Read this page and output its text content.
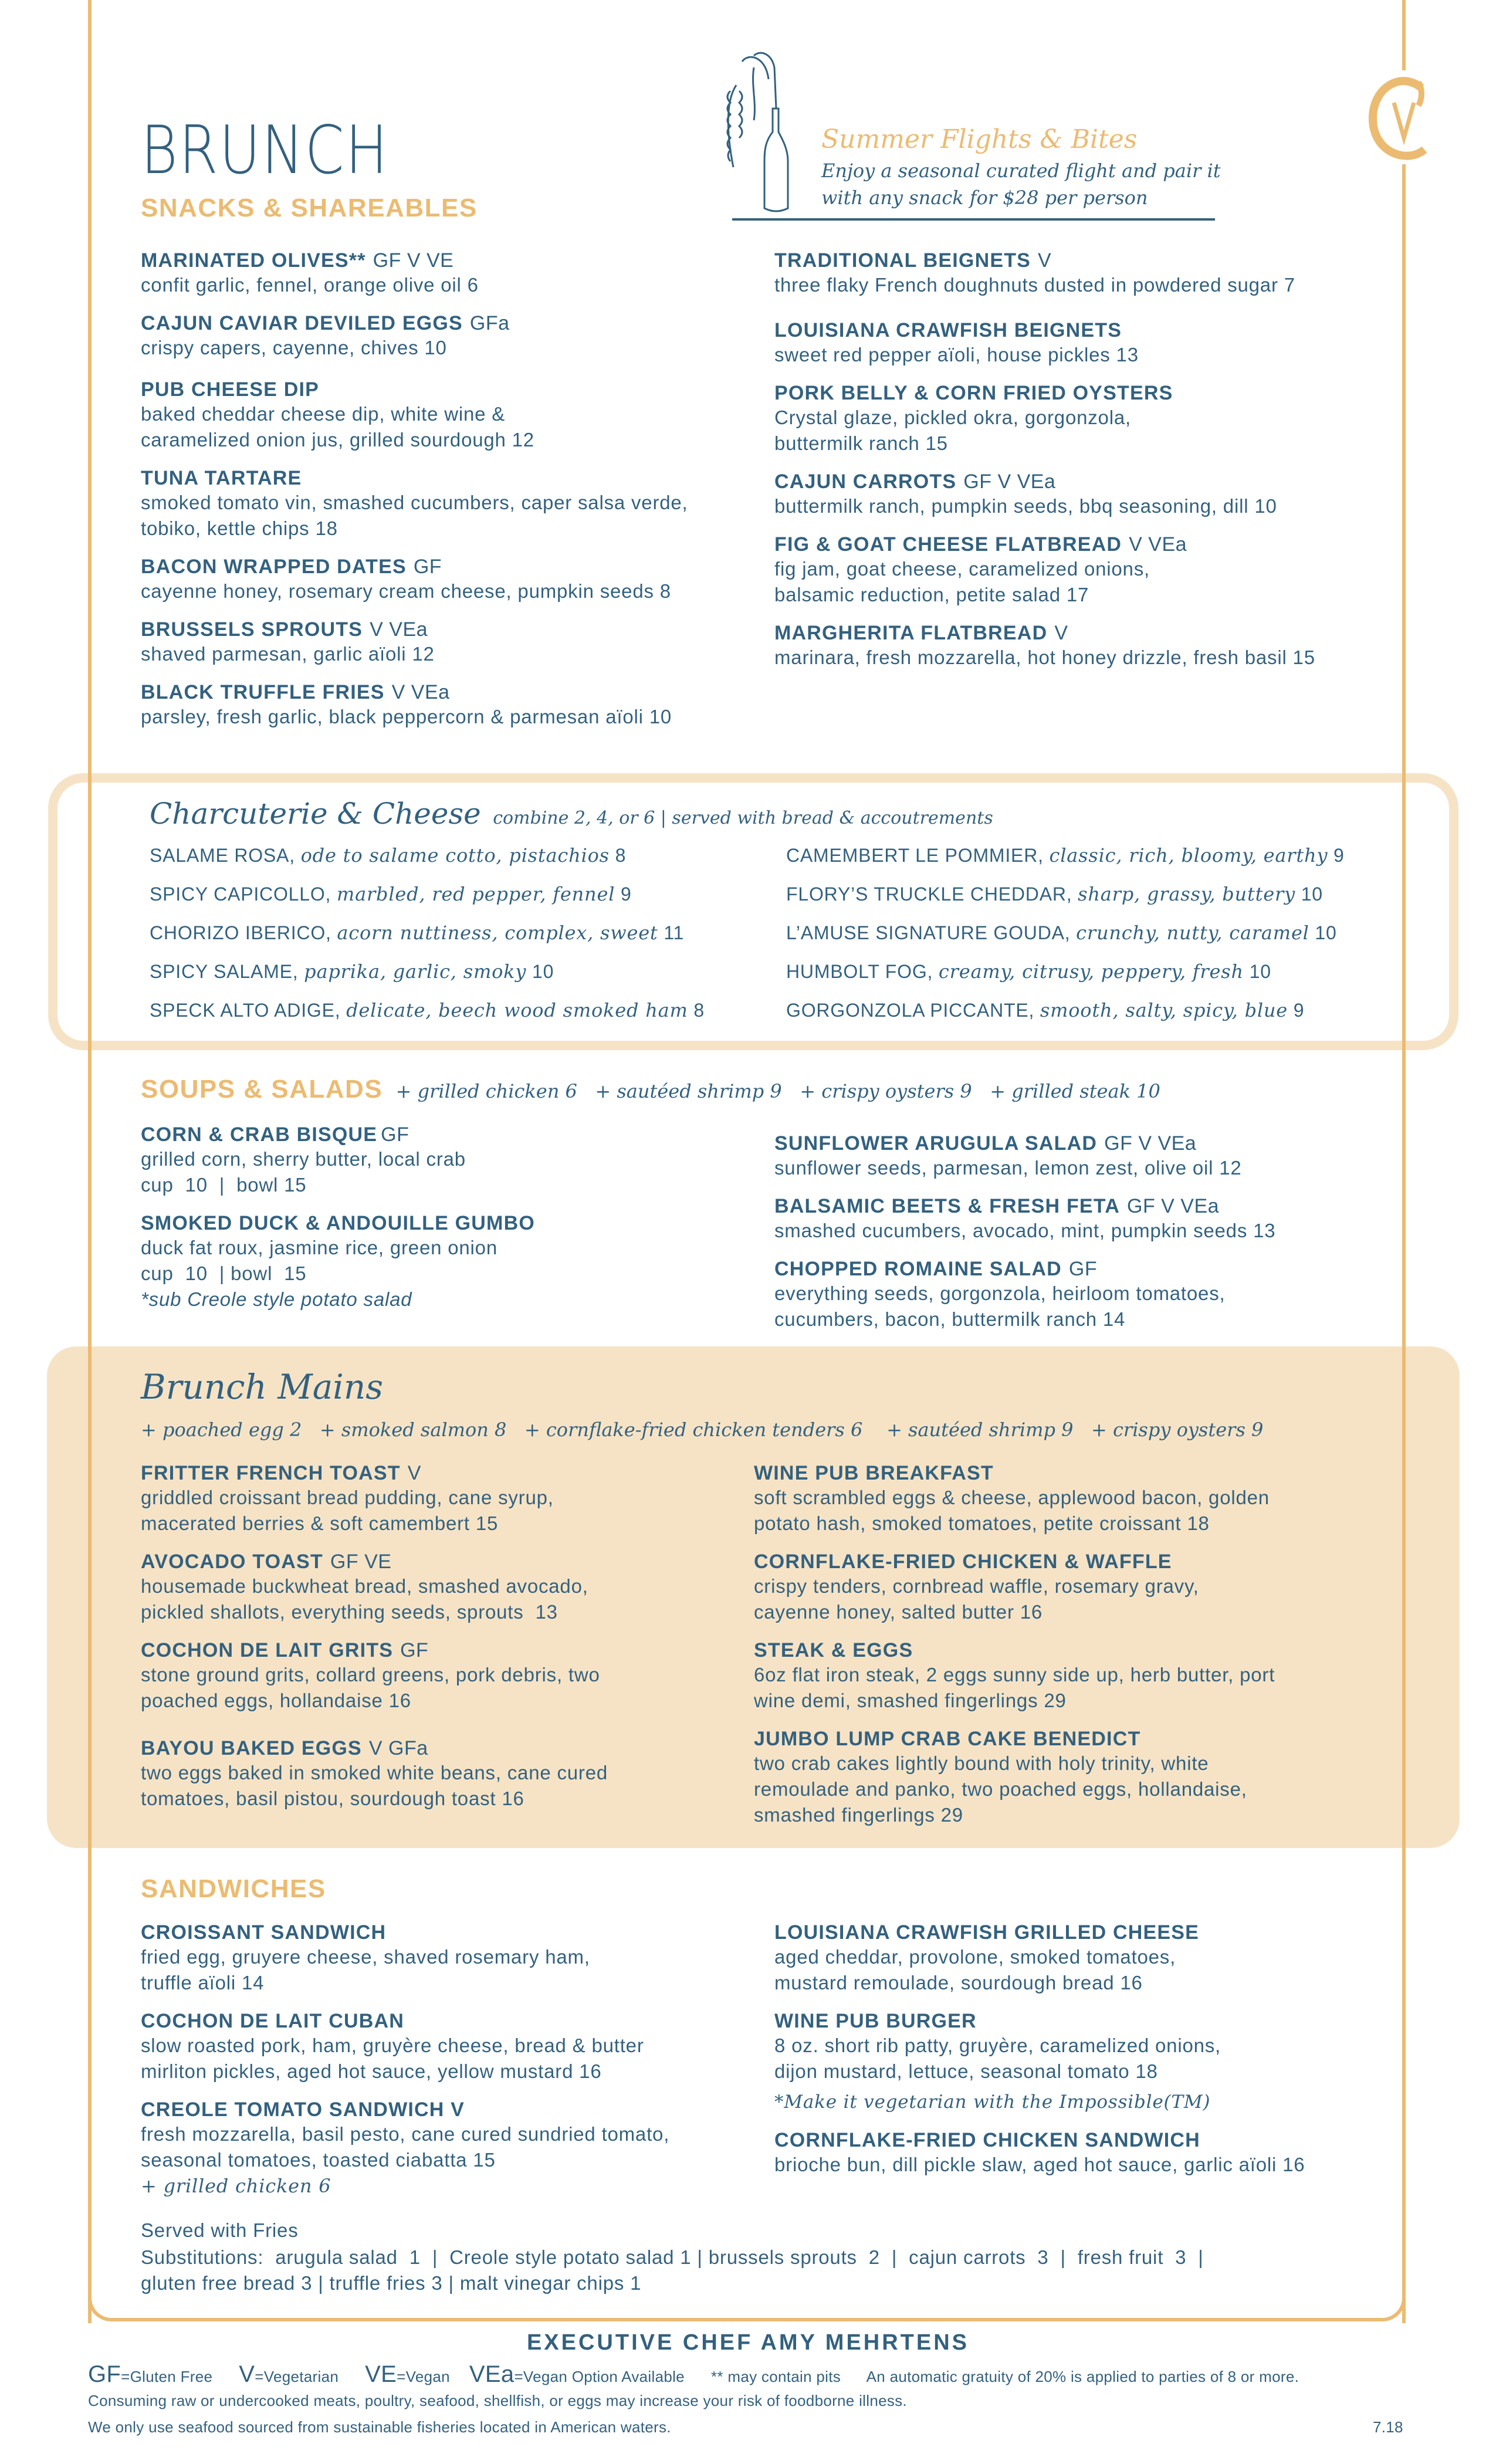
BRUNCH	Summer Flights & Bites
Enjoy a seasonal curated flight and pair it
with any snack for $28 per person
SNACKS & SHAREABLES
MARINATED OLIVES** GF V VE
confit garlic, fennel, orange olive oil 6
CAJUN CAVIAR DEVILED EGGS GFa
crispy capers, cayenne, chives 10
PUB CHEESE DIP
baked cheddar cheese dip, white wine &
caramelized onion jus, grilled sourdough 12
TUNA TARTARE
smoked tomato vin, smashed cucumbers, caper salsa verde,
tobiko, kettle chips 18
BACON WRAPPED DATES GF
cayenne honey, rosemary cream cheese, pumpkin seeds 8
BRUSSELS SPROUTS V VEa
shaved parmesan, garlic aïoli 12
BLACK TRUFFLE FRIES V VEa
parsley, fresh garlic, black peppercorn & parmesan aïoli 10
TRADITIONAL BEIGNETS V
three flaky French doughnuts dusted in powdered sugar 7
LOUISIANA CRAWFISH BEIGNETS
sweet red pepper aïoli, house pickles 13
PORK BELLY & CORN FRIED OYSTERS
Crystal glaze, pickled okra, gorgonzola,
buttermilk ranch 15
CAJUN CARROTS GF V VEa
buttermilk ranch, pumpkin seeds, bbq seasoning, dill 10
FIG & GOAT CHEESE FLATBREAD V VEa
fig jam, goat cheese, caramelized onions,
balsamic reduction, petite salad 17
MARGHERITA FLATBREAD V
marinara, fresh mozzarella, hot honey drizzle, fresh basil 15
Charcuterie & Cheese combine 2, 4, or 6 | served with bread & accoutrements
SALAME ROSA, ode to salame cotto, pistachios 8
SPICY CAPICOLLO, marbled, red pepper, fennel 9
CHORIZO IBERICO, acorn nuttiness, complex, sweet 11
SPICY SALAME, paprika, garlic, smoky 10
SPECK ALTO ADIGE, delicate, beech wood smoked ham 8
CAMEMBERT LE POMMIER, classic, rich, bloomy, earthy 9
FLORY’S TRUCKLE CHEDDAR, sharp, grassy, buttery 10
L’AMUSE SIGNATURE GOUDA, crunchy, nutty, caramel 10
HUMBOLT FOG, creamy, citrusy, peppery, fresh 10
GORGONZOLA PICCANTE, smooth, salty, spicy, blue 9
SOUPS & SALADS + grilled chicken 6   + sautéed shrimp 9   + crispy oysters 9   + grilled steak 10
CORN & CRAB BISQUE GF
grilled corn, sherry butter, local crab
cup  10  |  bowl 15
SMOKED DUCK & ANDOUILLE GUMBO
duck fat roux, jasmine rice, green onion
cup  10  | bowl  15
*sub Creole style potato salad
SUNFLOWER ARUGULA SALAD GF V VEa
sunflower seeds, parmesan, lemon zest, olive oil 12
BALSAMIC BEETS & FRESH FETA GF V VEa
smashed cucumbers, avocado, mint, pumpkin seeds 13
CHOPPED ROMAINE SALAD GF
everything seeds, gorgonzola, heirloom tomatoes,
cucumbers, bacon, buttermilk ranch 14
Brunch Mains
+ poached egg 2   + smoked salmon 8   + cornflake-fried chicken tenders 6    + sautéed shrimp 9   + crispy oysters 9
FRITTER FRENCH TOAST V
griddled croissant bread pudding, cane syrup,
macerated berries & soft camembert 15
AVOCADO TOAST GF VE
housemade buckwheat bread, smashed avocado,
pickled shallots, everything seeds, sprouts  13
COCHON DE LAIT GRITS GF
stone ground grits, collard greens, pork debris, two
poached eggs, hollandaise 16
BAYOU BAKED EGGS V GFa
two eggs baked in smoked white beans, cane cured
tomatoes, basil pistou, sourdough toast 16
WINE PUB BREAKFAST
soft scrambled eggs & cheese, applewood bacon, golden
potato hash, smoked tomatoes, petite croissant 18
CORNFLAKE-FRIED CHICKEN & WAFFLE
crispy tenders, cornbread waffle, rosemary gravy,
cayenne honey, salted butter 16
STEAK & EGGS
6oz flat iron steak, 2 eggs sunny side up, herb butter, port
wine demi, smashed fingerlings 29
JUMBO LUMP CRAB CAKE BENEDICT
two crab cakes lightly bound with holy trinity, white
remoulade and panko, two poached eggs, hollandaise,
smashed fingerlings 29
SANDWICHES
CROISSANT SANDWICH
fried egg, gruyere cheese, shaved rosemary ham,
truffle aïoli 14
COCHON DE LAIT CUBAN
slow roasted pork, ham, gruyère cheese, bread & butter
mirliton pickles, aged hot sauce, yellow mustard 16
CREOLE TOMATO SANDWICH V
fresh mozzarella, basil pesto, cane cured sundried tomato,
seasonal tomatoes, toasted ciabatta 15
+ grilled chicken 6
LOUISIANA CRAWFISH GRILLED CHEESE
aged cheddar, provolone, smoked tomatoes,
mustard remoulade, sourdough bread 16
WINE PUB BURGER
8 oz. short rib patty, gruyère, caramelized onions,
dijon mustard, lettuce, seasonal tomato 18
*Make it vegetarian with the Impossible(TM)
CORNFLAKE-FRIED CHICKEN SANDWICH
brioche bun, dill pickle slaw, aged hot sauce, garlic aïoli 16
Served with Fries
Substitutions:  arugula salad  1  |  Creole style potato salad 1 | brussels sprouts  2  |  cajun carrots  3  |  fresh fruit  3  |
gluten free bread 3 | truffle fries 3 | malt vinegar chips 1
EXECUTIVE CHEF AMY MEHRTENS
GF=Gluten Free V=Vegetarian VE=Vegan VEa=Vegan Option Available ** may contain pits An automatic gratuity of 20% is applied to parties of 8 or more.
Consuming raw or undercooked meats, poultry, seafood, shellfish, or eggs may increase your risk of foodborne illness.
We only use seafood sourced from sustainable fisheries located in American waters.	7.18
